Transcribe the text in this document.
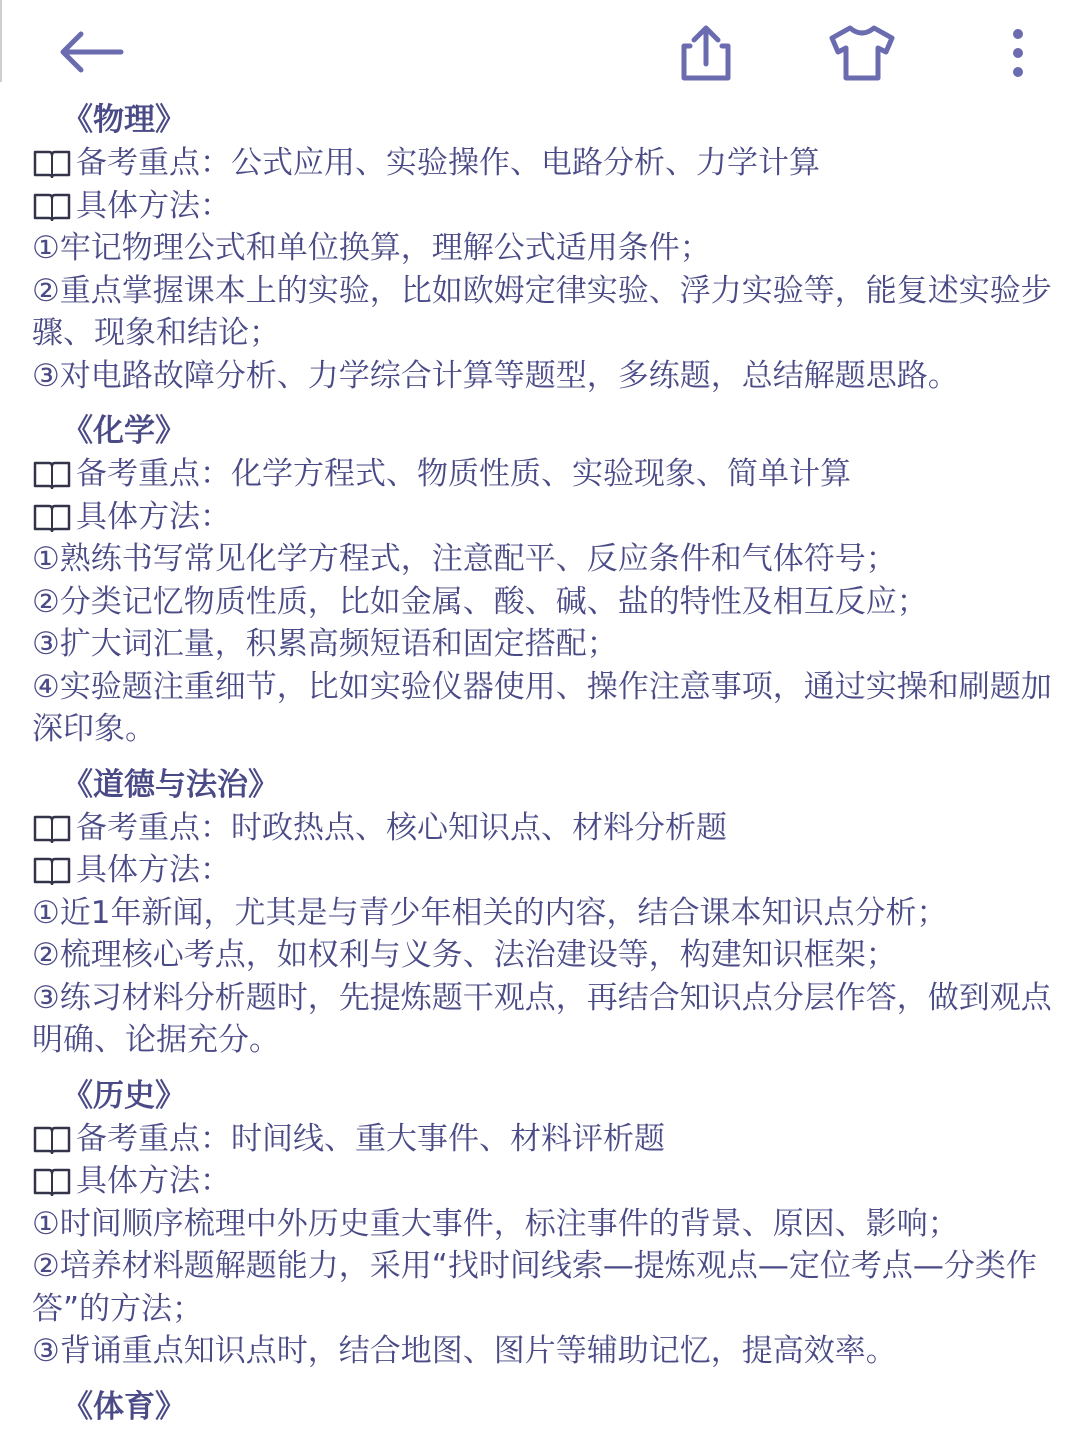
《物理》
备考重点：公式应用、实验操作、电路分析、力学计算
具体方法：
①牢记物理公式和单位换算，理解公式适用条件；
②重点掌握课本上的实验，比如欧姆定律实验、浮力实验等，能复述实验步骤、现象和结论；
③对电路故障分析、力学综合计算等题型，多练题，总结解题思路。
《化学》
备考重点：化学方程式、物质性质、实验现象、简单计算
具体方法：
①熟练书写常见化学方程式，注意配平、反应条件和气体符号；
②分类记忆物质性质，比如金属、酸、碱、盐的特性及相互反应；
③扩大词汇量，积累高频短语和固定搭配；
④实验题注重细节，比如实验仪器使用、操作注意事项，通过实操和刷题加深印象。
《道德与法治》
备考重点：时政热点、核心知识点、材料分析题
具体方法：
①近1年新闻，尤其是与青少年相关的内容，结合课本知识点分析；
②梳理核心考点，如权利与义务、法治建设等，构建知识框架；
③练习材料分析题时，先提炼题干观点，再结合知识点分层作答，做到观点明确、论据充分。
《历史》
备考重点：时间线、重大事件、材料评析题
具体方法：
①时间顺序梳理中外历史重大事件，标注事件的背景、原因、影响；
②培养材料题解题能力，采用“找时间线索—提炼观点—定位考点—分类作答”的方法；
③背诵重点知识点时，结合地图、图片等辅助记忆，提高效率。
《体育》
